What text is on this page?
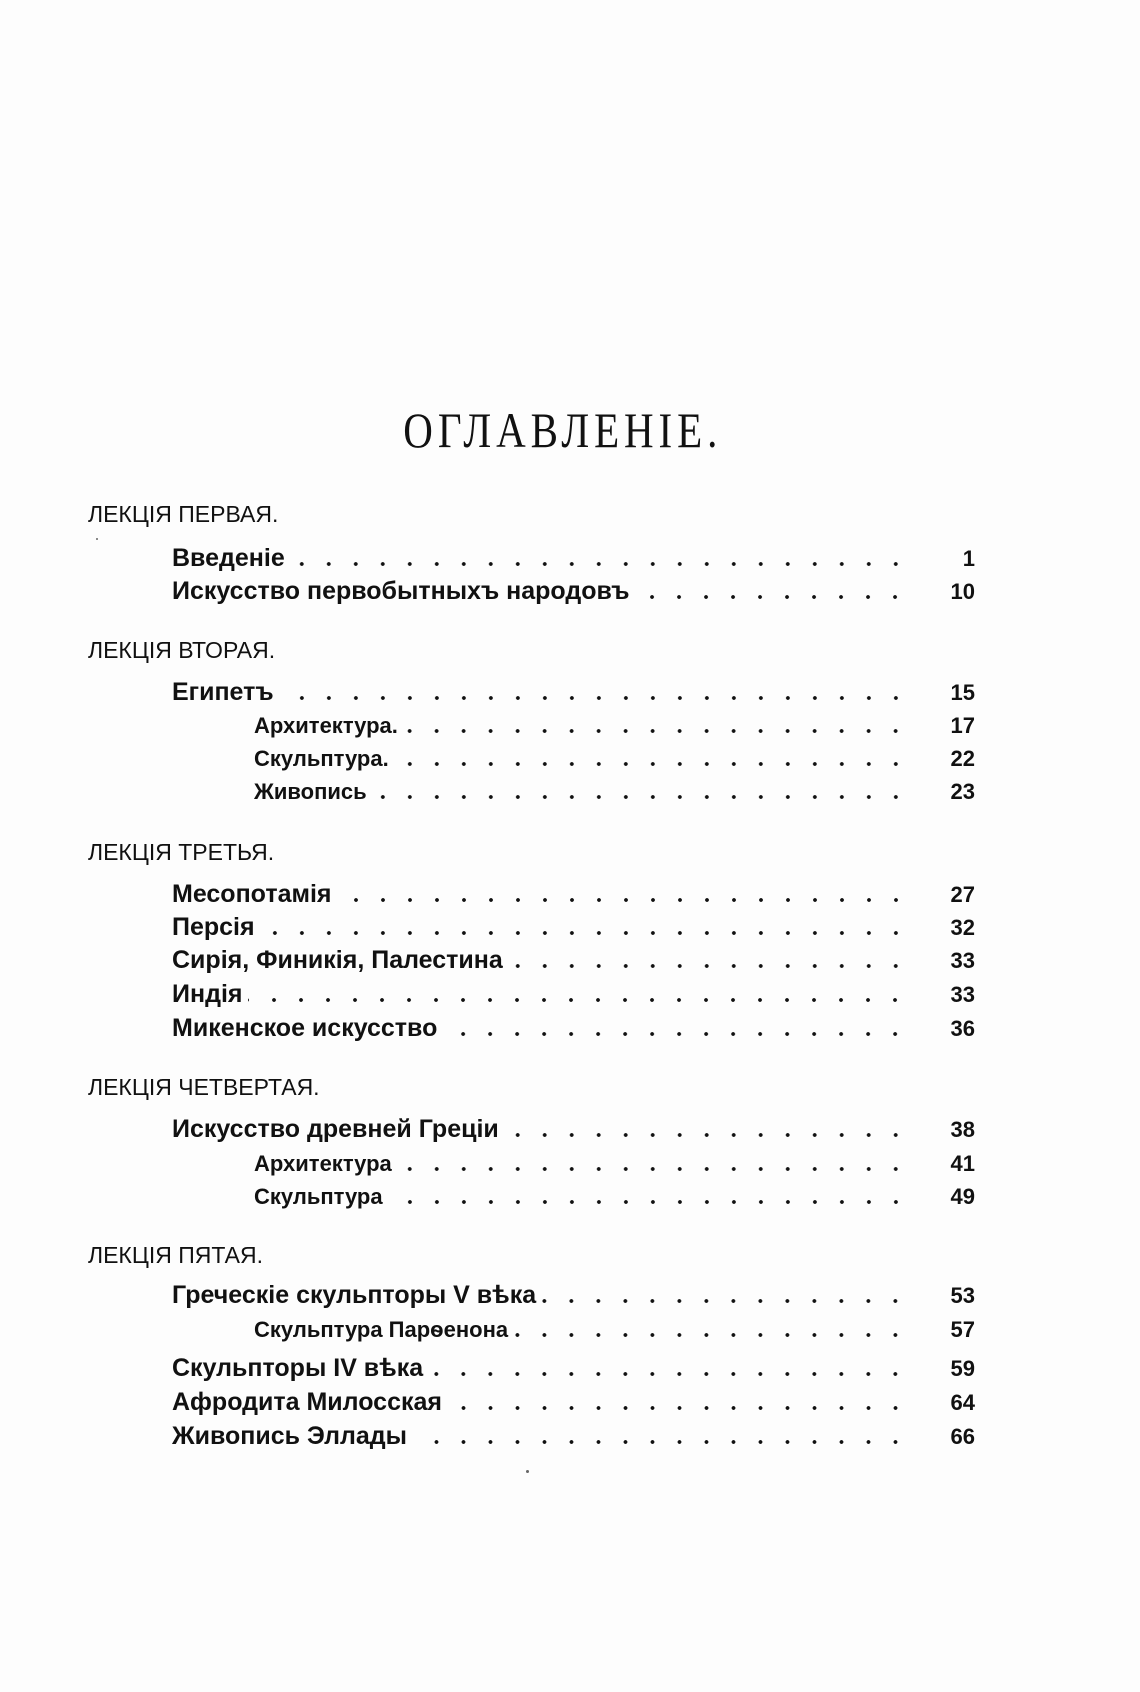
ОГЛАВЛЕНІЕ.
ЛЕКЦІЯ ПЕРВАЯ.
Введеніе	1
Искусство первобытныхъ народовъ	10
ЛЕКЦІЯ ВТОРАЯ.
Египетъ	15
Архитектура.	17
Скульптура.	22
Живопись	23
ЛЕКЦІЯ ТРЕТЬЯ.
Месопотамія	27
Персія	32
Сирія, Финикія, Палестина	33
Индія	33
Микенское искусство	36
ЛЕКЦІЯ ЧЕТВЕРТАЯ.
Искусство древней Греціи	38
Архитектура	41
Скульптура	49
ЛЕКЦІЯ ПЯТАЯ.
Греческіе скульпторы V вѣка	53
Скульптура Парѳенона	57
Скульпторы IV вѣка	59
Афродита Милосская	64
Живопись Эллады	66
